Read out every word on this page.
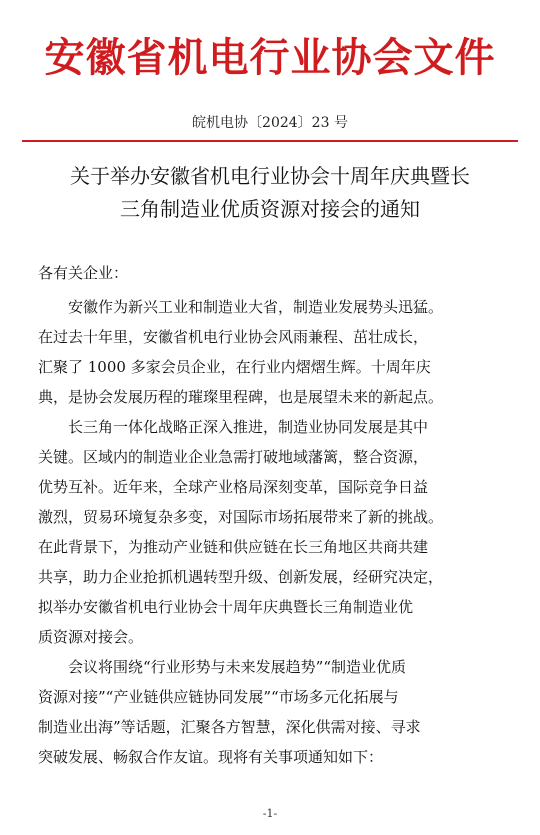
安徽省机电行业协会文件
皖机电协〔2024〕23 号
关于举办安徽省机电行业协会十周年庆典暨长
三角制造业优质资源对接会的通知
各有关企业：
安徽作为新兴工业和制造业大省，制造业发展势头迅猛。
在过去十年里，安徽省机电行业协会风雨兼程、茁壮成长，
汇聚了 1000 多家会员企业，在行业内熠熠生辉。十周年庆
典，是协会发展历程的璀璨里程碑，也是展望未来的新起点。
长三角一体化战略正深入推进，制造业协同发展是其中
关键。区域内的制造业企业急需打破地域藩篱，整合资源，
优势互补。近年来，全球产业格局深刻变革，国际竞争日益
激烈，贸易环境复杂多变，对国际市场拓展带来了新的挑战。
在此背景下，为推动产业链和供应链在长三角地区共商共建
共享，助力企业抢抓机遇转型升级、创新发展，经研究决定，
拟举办安徽省机电行业协会十周年庆典暨长三角制造业优
质资源对接会。
会议将围绕“行业形势与未来发展趋势”“制造业优质
资源对接”“产业链供应链协同发展”“市场多元化拓展与
制造业出海”等话题，汇聚各方智慧，深化供需对接、寻求
突破发展、畅叙合作友谊。现将有关事项通知如下：
-1-
